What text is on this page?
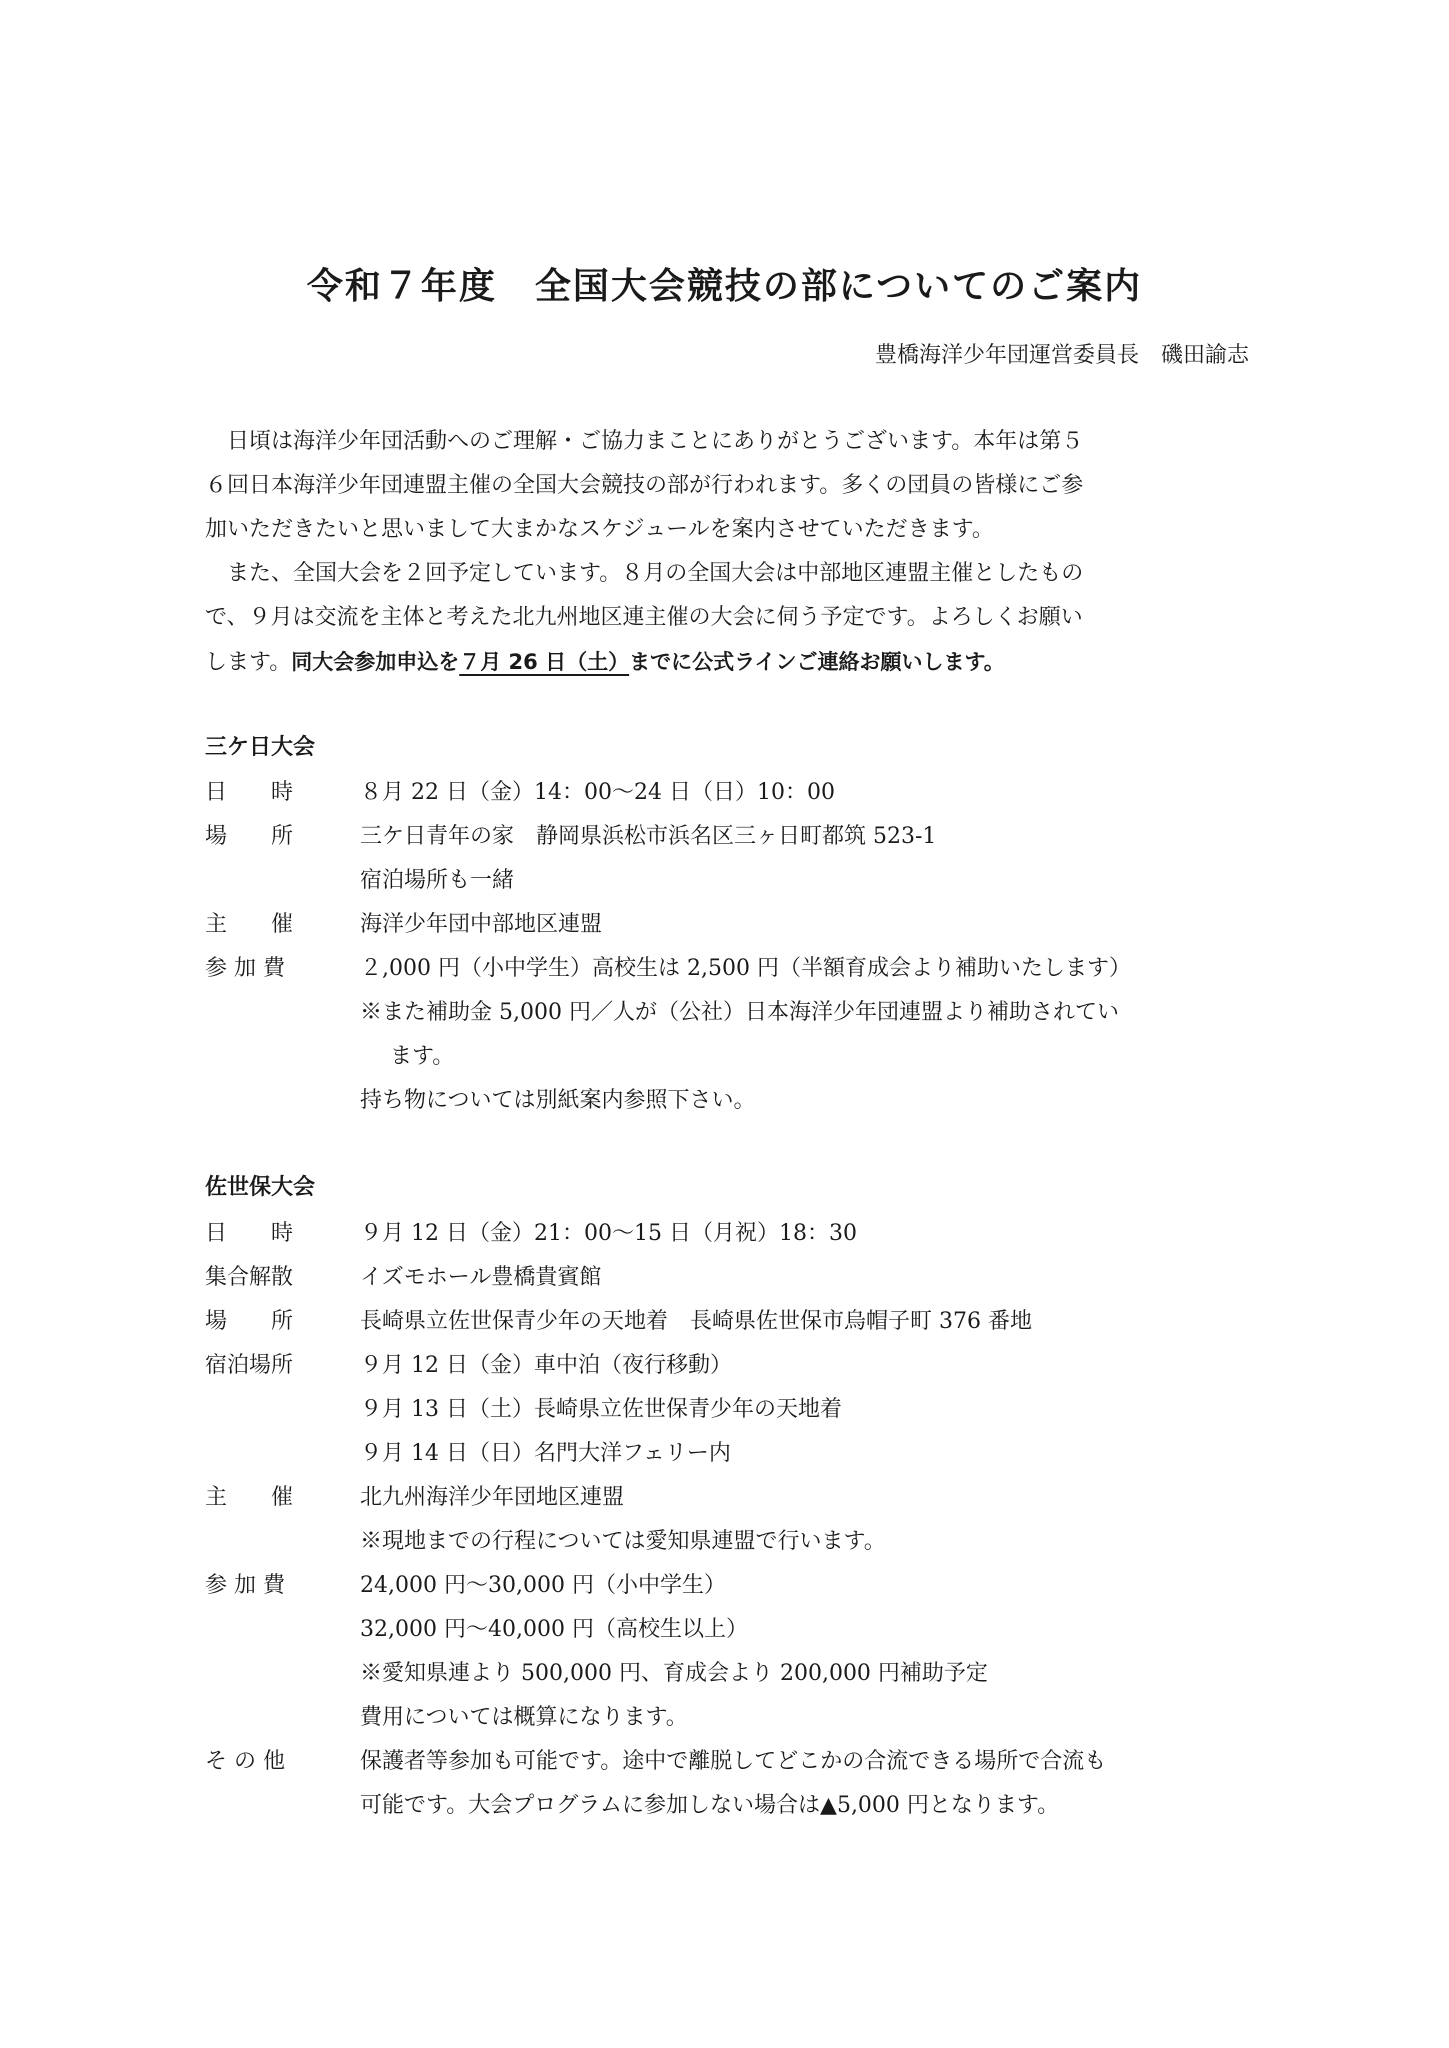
令和７年度　全国大会競技の部についてのご案内
豊橋海洋少年団運営委員長　磯田諭志
　日頃は海洋少年団活動へのご理解・ご協力まことにありがとうございます。本年は第５
６回日本海洋少年団連盟主催の全国大会競技の部が行われます。多くの団員の皆様にご参
加いただきたいと思いまして大まかなスケジュールを案内させていただきます。
　また、全国大会を２回予定しています。８月の全国大会は中部地区連盟主催としたもの
で、９月は交流を主体と考えた北九州地区連主催の大会に伺う予定です。よろしくお願い
します。同大会参加申込を７月 26 日（土）までに公式ラインご連絡お願いします。
三ケ日大会
日　　時	８月 22 日（金）14：00〜24 日（日）10：00
場　　所	三ケ日青年の家　静岡県浜松市浜名区三ヶ日町都筑 523-1
宿泊場所も一緒
主　　催	海洋少年団中部地区連盟
参 加 費	２,000 円（小中学生）高校生は 2,500 円（半額育成会より補助いたします）
※また補助金 5,000 円／人が（公社）日本海洋少年団連盟より補助されてい
ます。
持ち物については別紙案内参照下さい。
佐世保大会
日　　時	９月 12 日（金）21：00〜15 日（月祝）18：30
集合解散	イズモホール豊橋貴賓館
場　　所	長崎県立佐世保青少年の天地着　長崎県佐世保市烏帽子町 376 番地
宿泊場所	９月 12 日（金）車中泊（夜行移動）
９月 13 日（土）長崎県立佐世保青少年の天地着
９月 14 日（日）名門大洋フェリー内
主　　催	北九州海洋少年団地区連盟
※現地までの行程については愛知県連盟で行います。
参 加 費	24,000 円〜30,000 円（小中学生）
32,000 円〜40,000 円（高校生以上）
※愛知県連より 500,000 円、育成会より 200,000 円補助予定
費用については概算になります。
そ の 他	保護者等参加も可能です。途中で離脱してどこかの合流できる場所で合流も
可能です。大会プログラムに参加しない場合は▲5,000 円となります。
